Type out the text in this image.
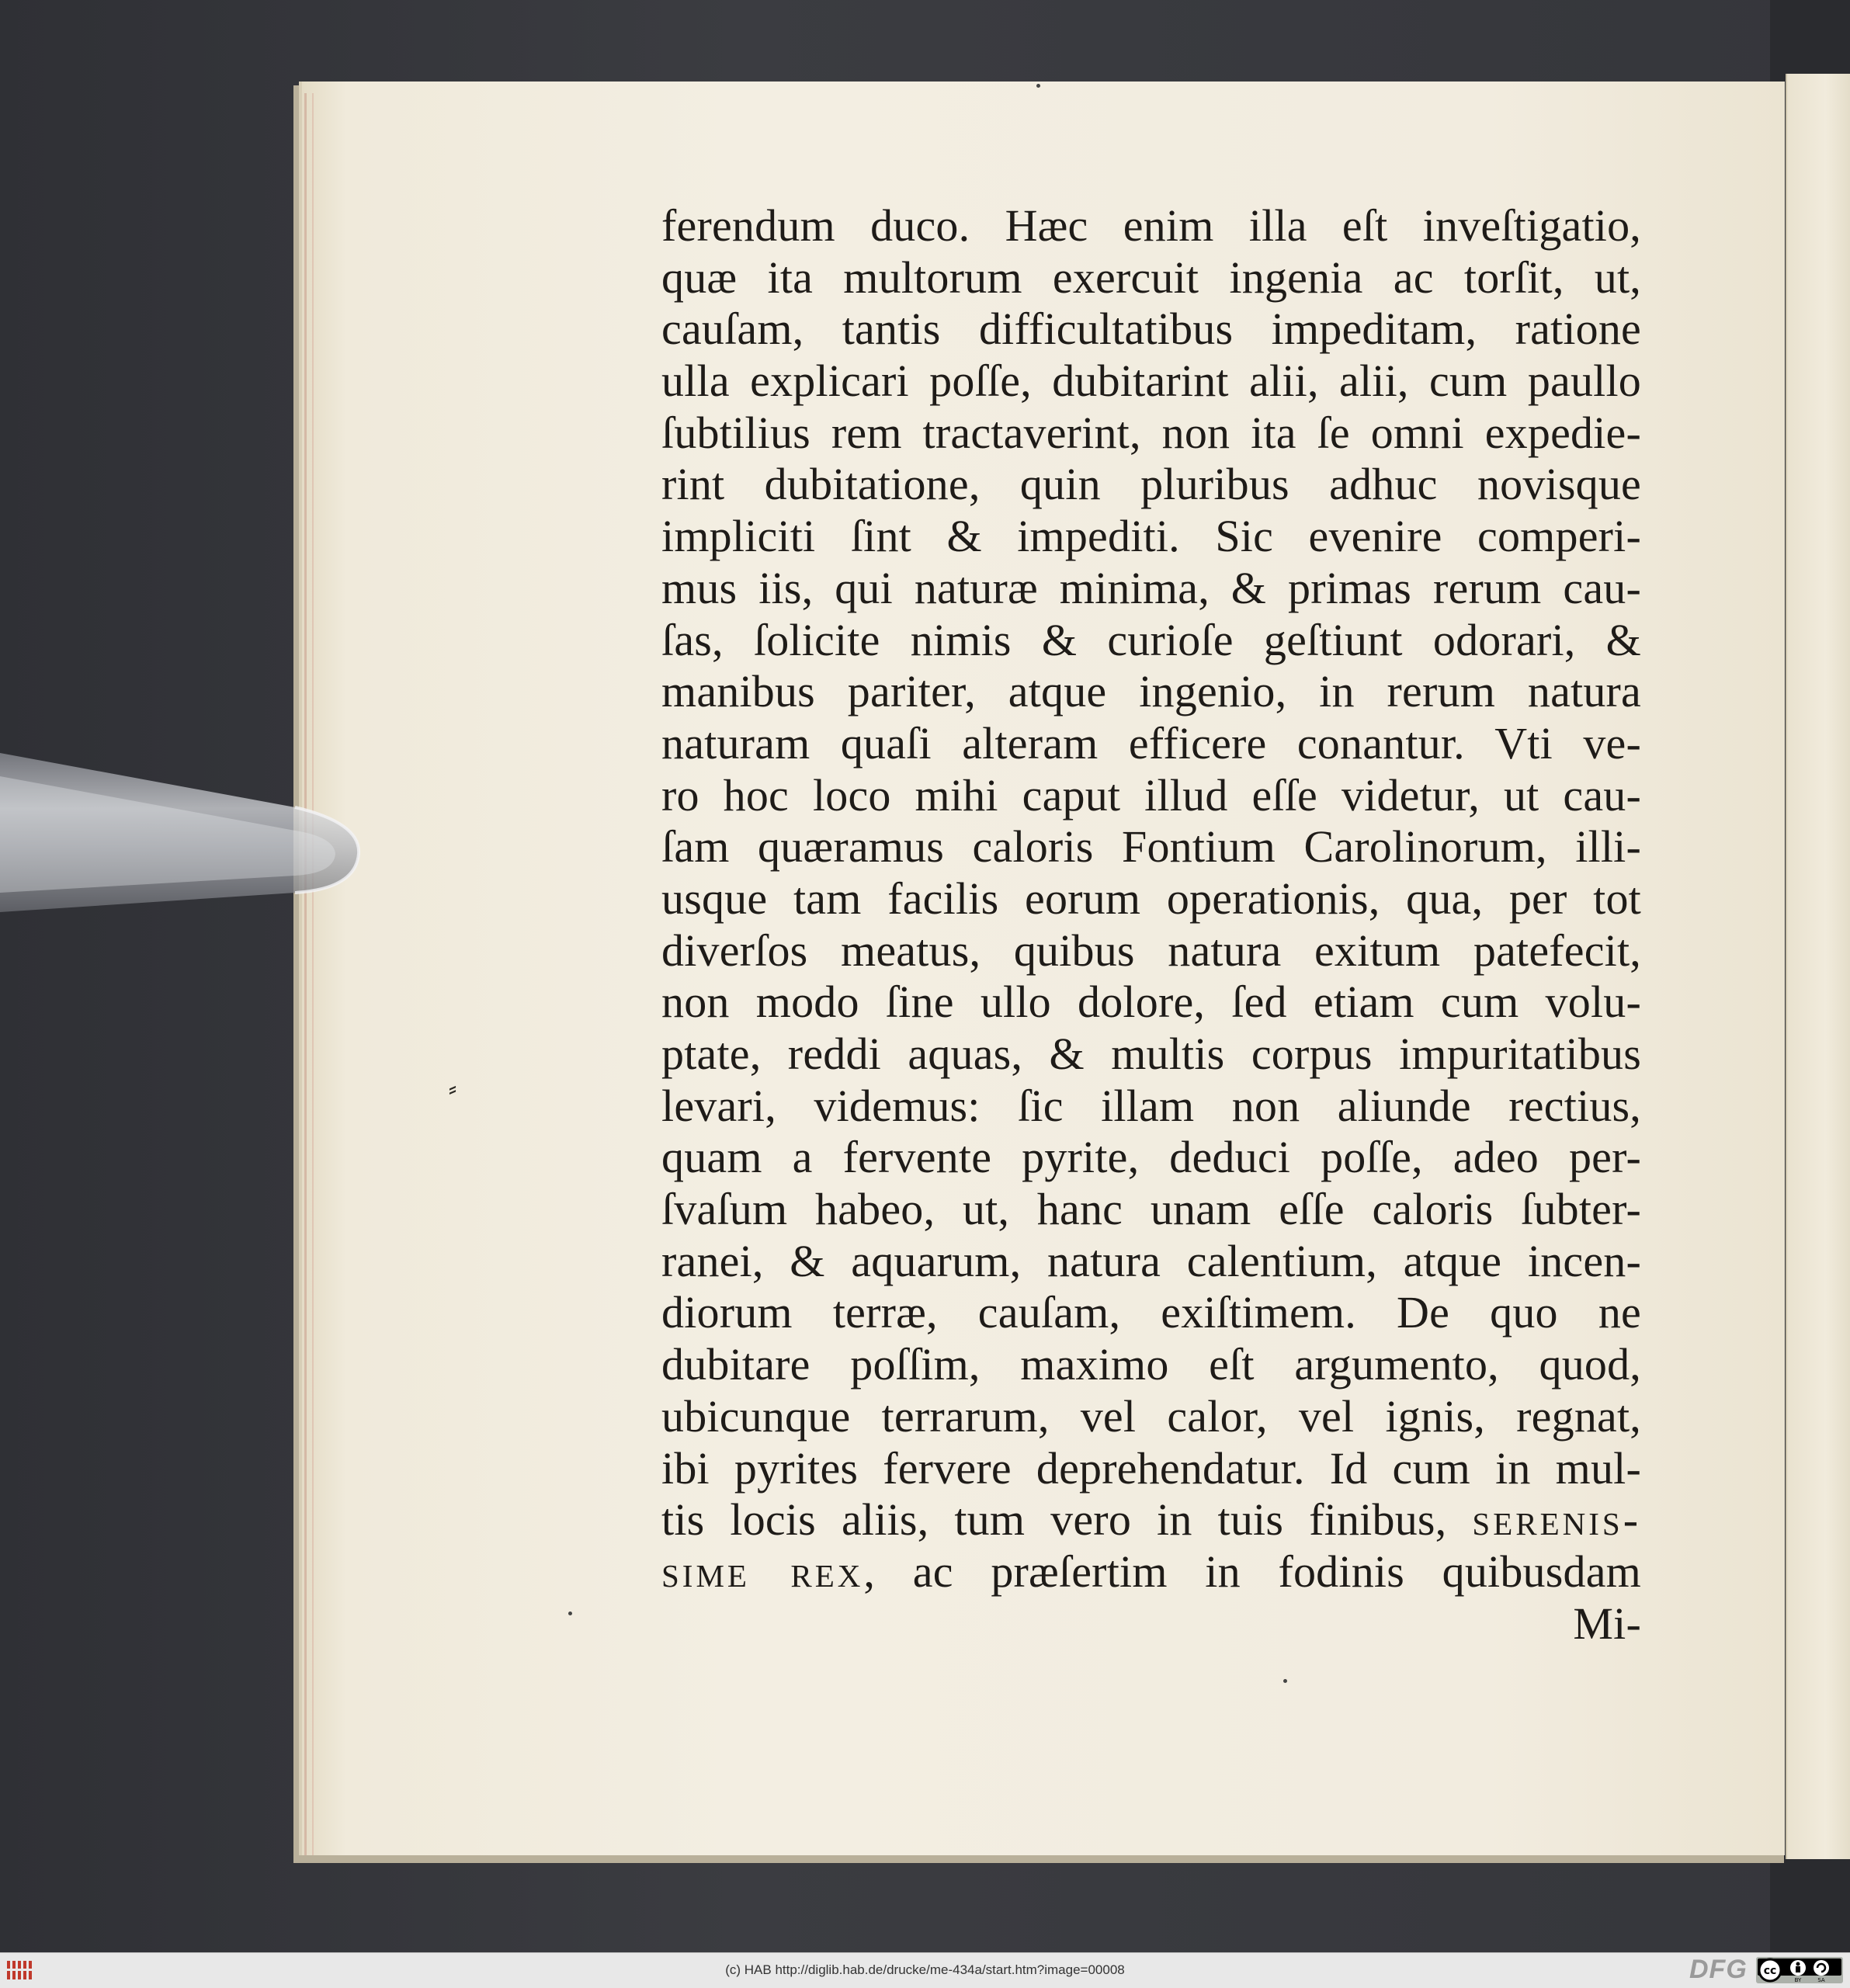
⸗
ferendum duco. Hæc enim illa eſt inveſtigatio,
quæ ita multorum exercuit ingenia ac torſit, ut,
cauſam, tantis difficultatibus impeditam, ratione
ulla explicari poſſe, dubitarint alii, alii, cum paullo
ſubtilius rem tractaverint, non ita ſe omni expedie-
rint dubitatione, quin pluribus adhuc novisque
impliciti ſint & impediti. Sic evenire comperi-
mus iis, qui naturæ minima, & primas rerum cau-
ſas, ſolicite nimis & curioſe geſtiunt odorari, &
manibus pariter, atque ingenio, in rerum natura
naturam quaſi alteram efficere conantur. Vti ve-
ro hoc loco mihi caput illud eſſe videtur, ut cau-
ſam quæramus caloris Fontium Carolinorum, illi-
usque tam facilis eorum operationis, qua, per tot
diverſos meatus, quibus natura exitum patefecit,
non modo ſine ullo dolore, ſed etiam cum volu-
ptate, reddi aquas, & multis corpus impuritatibus
levari, videmus: ſic illam non aliunde rectius,
quam a fervente pyrite, deduci poſſe, adeo per-
ſvaſum habeo, ut, hanc unam eſſe caloris ſubter-
ranei, & aquarum, natura calentium, atque incen-
diorum terræ, cauſam, exiſtimem. De quo ne
dubitare poſſim, maximo eſt argumento, quod,
ubicunque terrarum, vel calor, vel ignis, regnat,
ibi pyrites fervere deprehendatur. Id cum in mul-
tis locis aliis, tum vero in tuis finibus, serenis-
sime rex, ac præſertim in fodinis quibusdam
Mi-
(c) HAB http://diglib.hab.de/drucke/me-434a/start.htm?image=00008	DFG cc
BY	SA
